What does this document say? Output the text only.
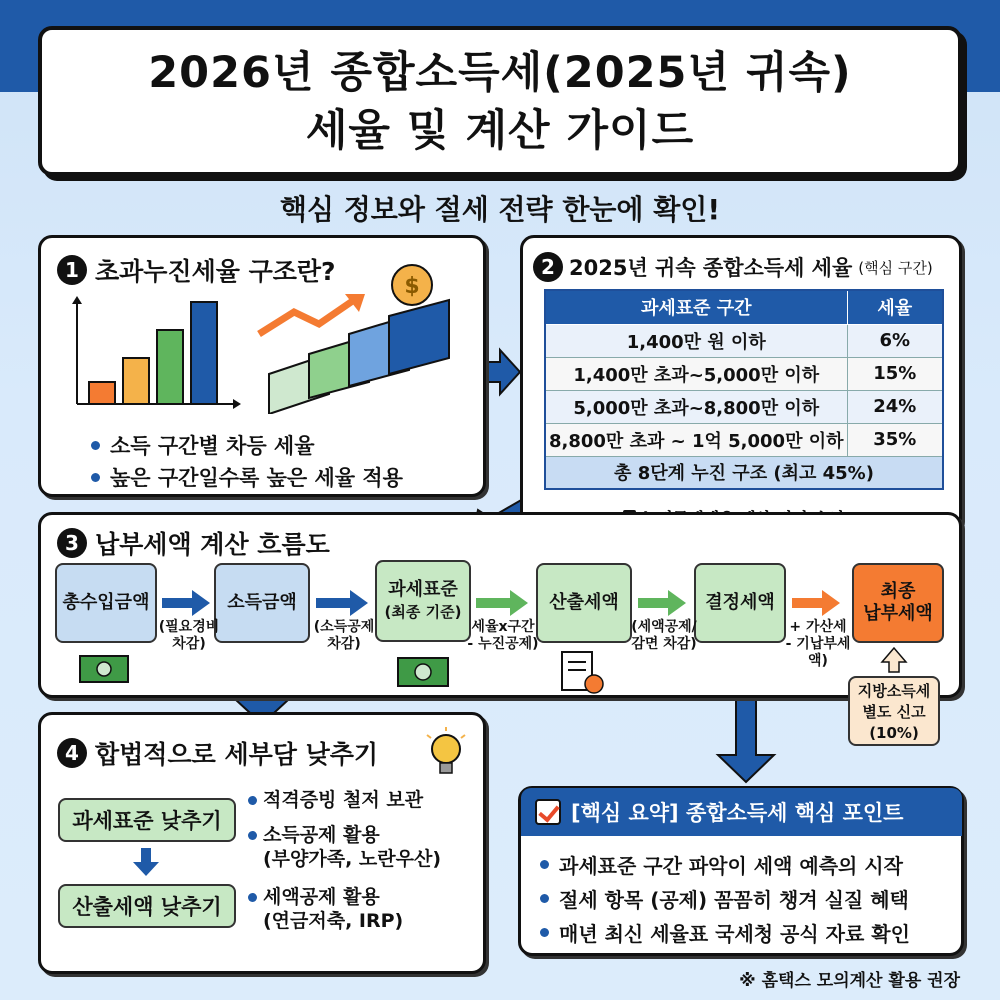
2026년 종합소득세(2025년 귀속)
세율 및 계산 가이드
핵심 정보와 절세 전략 한눈에 확인!
1 초과누진세율 구조란?
$
소득 구간별 차등 세율
높은 구간일수록 높은 세율 적용
2 2025년 귀속 종합소득세 세율 (핵심 구간)
과세표준 구간	세율
1,400만 원 이하	6%
1,400만 초과~5,000만 이하	15%
5,000만 초과~8,800만 이하	24%
8,800만 초과 ~ 1억 5,000만 이하	35%
총 8단계 누진 구조 (최고 45%)	
3 납부세액 계산 흐름도
총수입금액	소득금액
과세표준
(최종 기준)	산출세액	결정세액
최종
납부세액
(필요경비
차감)
(소득공제
차감)
세율x구간
- 누진공제)
(세액공제/
감면 차감)
+ 가산세
- 기납부세액)
지방소득세
별도 신고
(10%)
4 합법적으로 세부담 낮추기
과세표준 낮추기
산출세액 낮추기
적격증빙 철저 보관
소득공제 활용
(부양가족, 노란우산)
세액공제 활용
(연금저축, IRP)
[핵심 요약] 종합소득세 핵심 포인트
과세표준 구간 파악이 세액 예측의 시작
절세 항목 (공제) 꼼꼼히 챙겨 실질 혜택
매년 최신 세율표 국세청 공식 자료 확인
※ 홈택스 모의계산 활용 권장
